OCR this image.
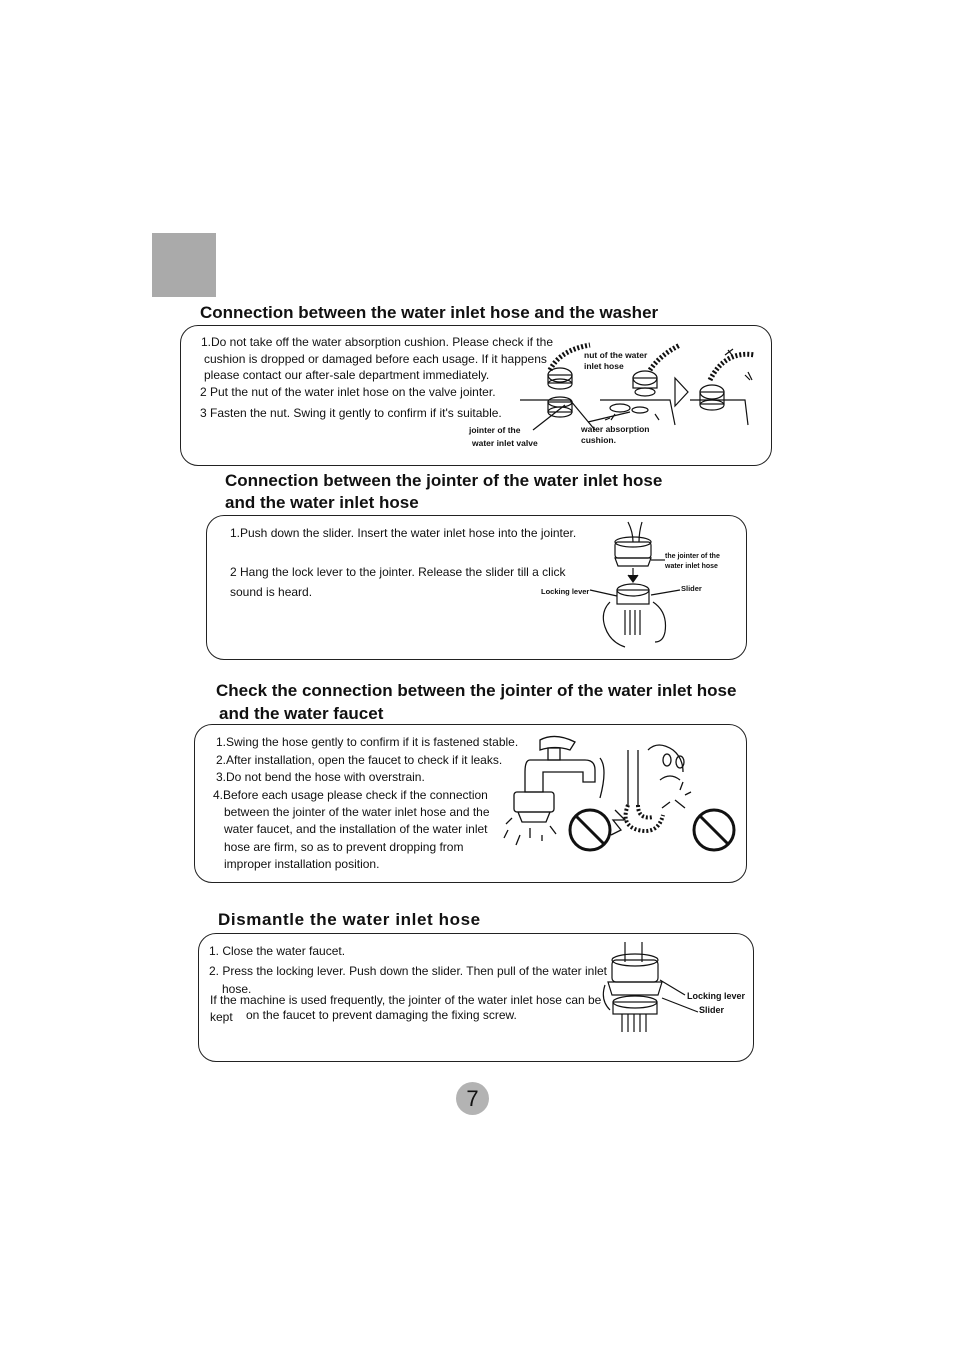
Connection between the water inlet hose and the washer
1.Do not take off the water absorption cushion. Please check if the
cushion is dropped or damaged before each usage. If it happens
please contact our after-sale department immediately.
2 Put the nut of the water inlet hose on the valve jointer.
3 Fasten the nut. Swing it gently to confirm if it's suitable.
nut of the water
inlet hose
jointer of the
water inlet valve
water absorption
cushion.
Connection between the jointer of the water inlet hose
and the water inlet hose
1.Push down the slider. Insert the water inlet hose into the jointer.
2 Hang the lock lever to the jointer. Release the slider till a click
sound is heard.
the jointer of the
water inlet hose
Slider
Locking lever
Check the connection between the jointer of the water inlet hose
and the water faucet
1.Swing the hose gently to confirm if it is fastened stable.
2.After installation, open the faucet to check if it leaks.
3.Do not bend the hose with overstrain.
4.Before each usage please check if the connection
between the jointer of the water inlet hose and the
water faucet, and the installation of the water inlet
hose are firm, so as to prevent dropping from
improper installation position.
Dismantle the water inlet hose
1. Close the water faucet.
2. Press the locking lever. Push down the slider. Then pull of the water inlet
hose.
If the machine is used frequently, the jointer of the water inlet hose can be
kept on the faucet to prevent damaging the fixing screw.
Locking lever
Slider
7
